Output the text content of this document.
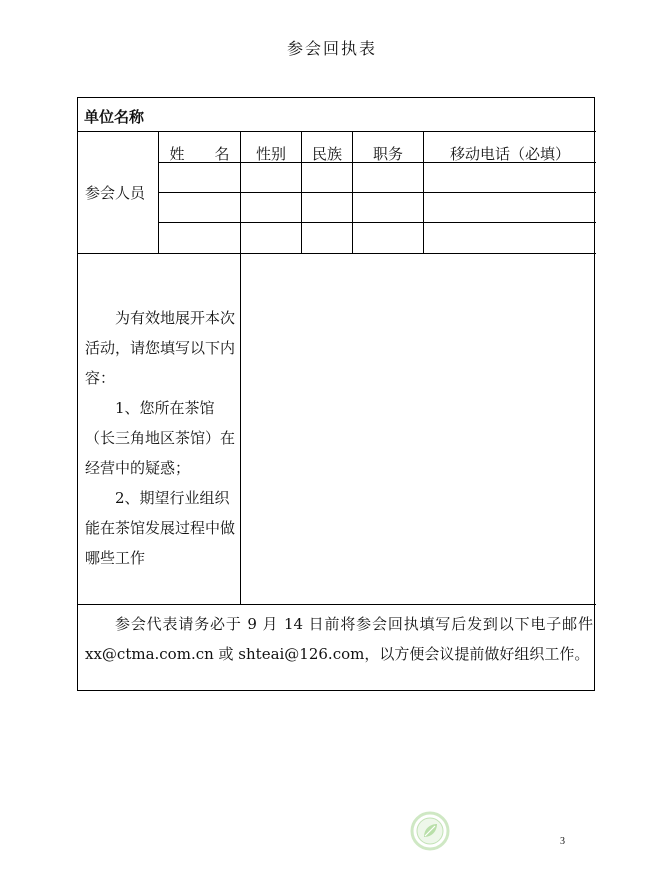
参会回执表
单位名称
参会人员
姓　　名	性别	民族	职务	移动电话（必填）

为有效地展开本次活动，请您填写以下内容：

1、您所在茶馆（长三角地区茶馆）在经营中的疑惑；

2、期望行业组织能在茶馆发展过程中做哪些工作

参会代表请务必于 9 月 14 日前将参会回执填写后发到以下电子邮件 xx@ctma.com.cn 或 shteai@126.com，以方便会议提前做好组织工作。
3
